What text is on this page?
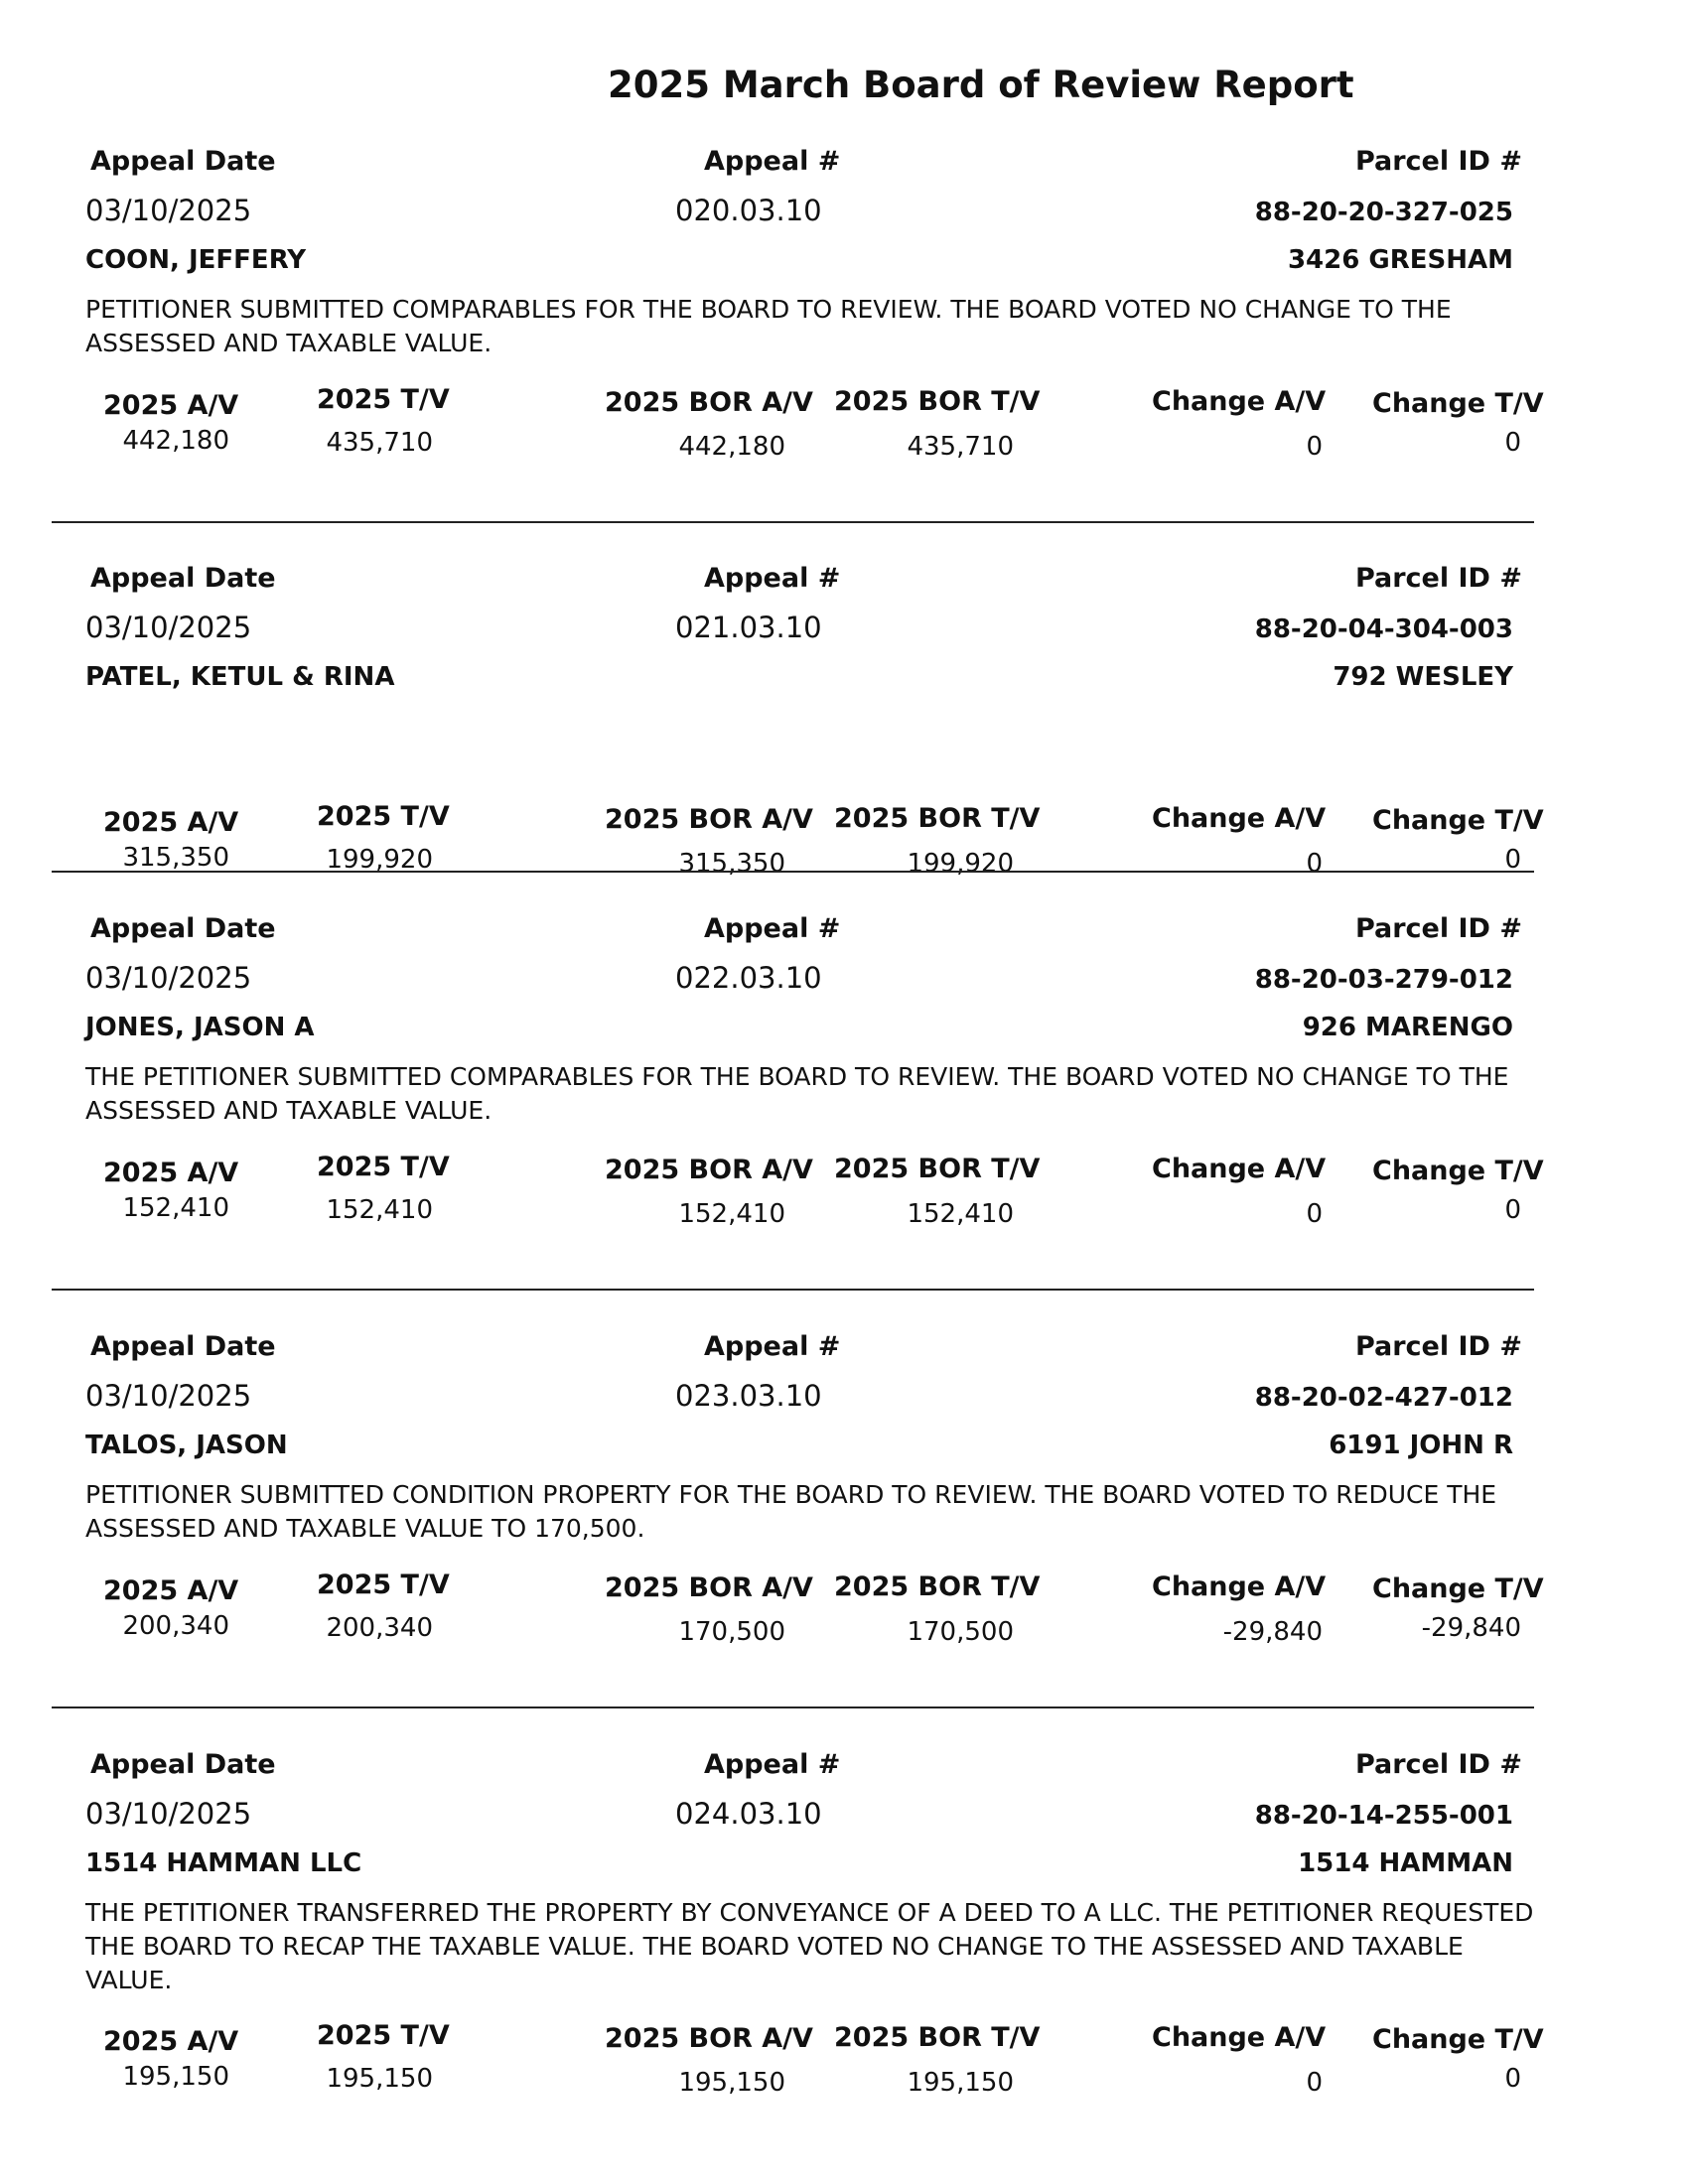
2025 March Board of Review Report
Appeal Date	Appeal #	Parcel ID #
03/10/2025	020.03.10	88-20-20-327-025
COON, JEFFERY	3426 GRESHAM
PETITIONER SUBMITTED COMPARABLES FOR THE BOARD TO REVIEW. THE BOARD VOTED NO CHANGE TO THE ASSESSED AND TAXABLE VALUE.
2025 A/V	2025 T/V	2025 BOR A/V 2025 BOR T/V	Change A/V Change T/V
442,180	435,710	442,180	435,710	0	0
Appeal Date	Appeal #	Parcel ID #
03/10/2025	021.03.10	88-20-04-304-003
PATEL, KETUL & RINA	792 WESLEY
2025 A/V	2025 T/V	2025 BOR A/V 2025 BOR T/V	Change A/V Change T/V
315,350	199,920	315,350	199,920	0	0
Appeal Date	Appeal #	Parcel ID #
03/10/2025	022.03.10	88-20-03-279-012
JONES, JASON A	926 MARENGO
THE PETITIONER SUBMITTED COMPARABLES FOR THE BOARD TO REVIEW. THE BOARD VOTED NO CHANGE TO THE ASSESSED AND TAXABLE VALUE.
2025 A/V	2025 T/V	2025 BOR A/V 2025 BOR T/V	Change A/V Change T/V
152,410	152,410	152,410	152,410	0	0
Appeal Date	Appeal #	Parcel ID #
03/10/2025	023.03.10	88-20-02-427-012
TALOS, JASON	6191 JOHN R
PETITIONER SUBMITTED CONDITION PROPERTY FOR THE BOARD TO REVIEW. THE BOARD VOTED TO REDUCE THE ASSESSED AND TAXABLE VALUE TO 170,500.
2025 A/V	2025 T/V	2025 BOR A/V 2025 BOR T/V	Change A/V Change T/V
200,340	200,340	170,500	170,500	-29,840	-29,840
Appeal Date	Appeal #	Parcel ID #
03/10/2025	024.03.10	88-20-14-255-001
1514 HAMMAN LLC	1514 HAMMAN
THE PETITIONER TRANSFERRED THE PROPERTY BY CONVEYANCE OF A DEED TO A LLC. THE PETITIONER REQUESTED THE BOARD TO RECAP THE TAXABLE VALUE. THE BOARD VOTED NO CHANGE TO THE ASSESSED AND TAXABLE VALUE.
2025 A/V	2025 T/V	2025 BOR A/V 2025 BOR T/V	Change A/V Change T/V
195,150	195,150	195,150	195,150	0	0
